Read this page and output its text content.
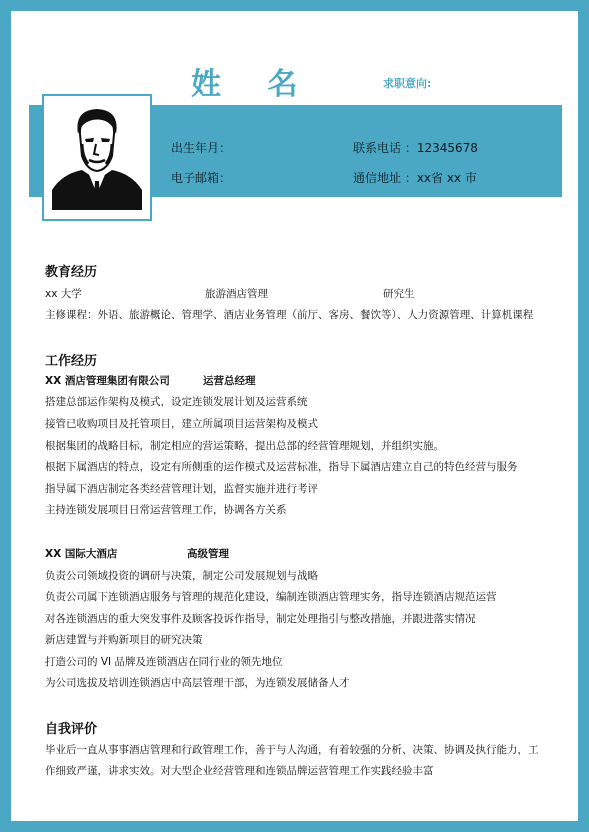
姓 名	求职意向:
出生年月：
电子邮箱：
联系电话 ：12345678
通信地址 ：xx省 xx 市
教育经历
xx 大学	旅游酒店管理	研究生
主修课程：外语、旅游概论、管理学、酒店业务管理（前厅、客房、餐饮等）、人力资源管理、计算机课程
工作经历
XX 酒店管理集团有限公司	运营总经理
搭建总部运作架构及模式，设定连锁发展计划及运营系统
接管已收购项目及托管项目，建立所属项目运营架构及模式
根据集团的战略目标，制定相应的营运策略，提出总部的经营管理规划，并组织实施。
根据下属酒店的特点，设定有所侧重的运作模式及运营标准，指导下属酒店建立自己的特色经营与服务
指导属下酒店制定各类经营管理计划，监督实施并进行考评
主持连锁发展项目日常运营管理工作，协调各方关系
XX 国际大酒店	高级管理
负责公司领域投资的调研与决策，制定公司发展规划与战略
负责公司属下连锁酒店服务与管理的规范化建设，编制连锁酒店管理实务，指导连锁酒店规范运营
对各连锁酒店的重大突发事件及顾客投诉作指导，制定处理指引与整改措施，并跟进落实情况
新店建置与并购新项目的研究决策
打造公司的 VI 品牌及连锁酒店在同行业的领先地位
为公司选拔及培训连锁酒店中高层管理干部，为连锁发展储备人才
自我评价
毕业后一直从事事酒店管理和行政管理工作，善于与人沟通，有着较强的分析、决策、协调及执行能力，工
作细致严谨，讲求实效。对大型企业经营管理和连锁品牌运营管理工作实践经验丰富
